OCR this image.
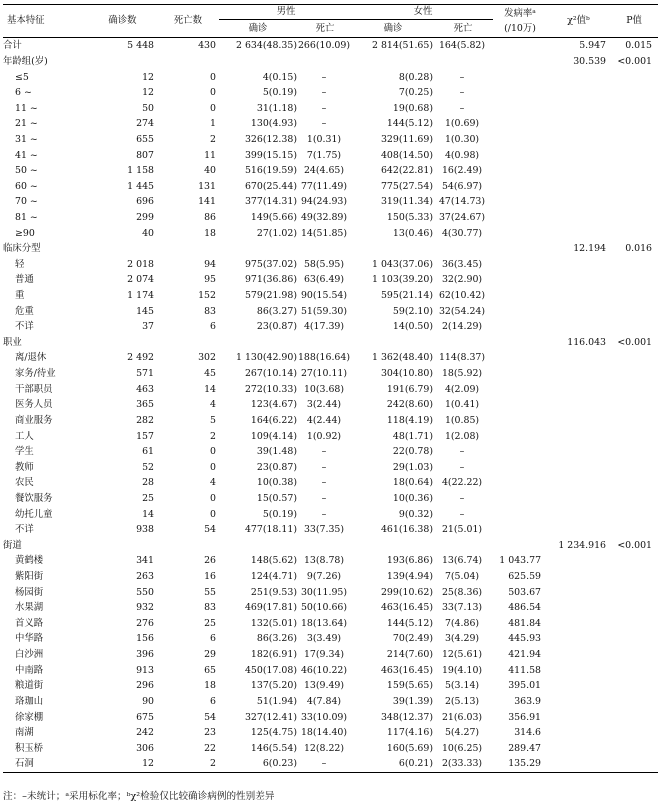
基本特征	确诊数	死亡数	男性		女性		发病率ᵃ
(/10万)	χ²值ᵇ	P值
			确诊	死亡	确诊	死亡			
合计	5 448	430	2 634(48.35)	266(10.09)	2 814(51.65)	164(5.82)		5.947	0.015
年龄组(岁)								30.539	<0.001
≤5	12	0	4(0.15)	–	8(0.28)	–			
6 ~	12	0	5(0.19)	–	7(0.25)	–			
11 ~	50	0	31(1.18)	–	19(0.68)	–			
21 ~	274	1	130(4.93)	–	144(5.12)	1(0.69)			
31 ~	655	2	326(12.38)	1(0.31)	329(11.69)	1(0.30)			
41 ~	807	11	399(15.15)	7(1.75)	408(14.50)	4(0.98)			
50 ~	1 158	40	516(19.59)	24(4.65)	642(22.81)	16(2.49)			
60 ~	1 445	131	670(25.44)	77(11.49)	775(27.54)	54(6.97)			
70 ~	696	141	377(14.31)	94(24.93)	319(11.34)	47(14.73)			
81 ~	299	86	149(5.66)	49(32.89)	150(5.33)	37(24.67)			
≥90	40	18	27(1.02)	14(51.85)	13(0.46)	4(30.77)			
临床分型								12.194	0.016
轻	2 018	94	975(37.02)	58(5.95)	1 043(37.06)	36(3.45)			
普通	2 074	95	971(36.86)	63(6.49)	1 103(39.20)	32(2.90)			
重	1 174	152	579(21.98)	90(15.54)	595(21.14)	62(10.42)			
危重	145	83	86(3.27)	51(59.30)	59(2.10)	32(54.24)			
不详	37	6	23(0.87)	4(17.39)	14(0.50)	2(14.29)			
职业								116.043	<0.001
离/退休	2 492	302	1 130(42.90)	188(16.64)	1 362(48.40)	114(8.37)			
家务/待业	571	45	267(10.14)	27(10.11)	304(10.80)	18(5.92)			
干部职员	463	14	272(10.33)	10(3.68)	191(6.79)	4(2.09)			
医务人员	365	4	123(4.67)	3(2.44)	242(8.60)	1(0.41)			
商业服务	282	5	164(6.22)	4(2.44)	118(4.19)	1(0.85)			
工人	157	2	109(4.14)	1(0.92)	48(1.71)	1(2.08)			
学生	61	0	39(1.48)	–	22(0.78)	–			
教师	52	0	23(0.87)	–	29(1.03)	–			
农民	28	4	10(0.38)	–	18(0.64)	4(22.22)			
餐饮服务	25	0	15(0.57)	–	10(0.36)	–			
幼托儿童	14	0	5(0.19)	–	9(0.32)	–			
不详	938	54	477(18.11)	33(7.35)	461(16.38)	21(5.01)			
街道								1 234.916	<0.001
黄鹤楼	341	26	148(5.62)	13(8.78)	193(6.86)	13(6.74)	1 043.77		
紫阳街	263	16	124(4.71)	9(7.26)	139(4.94)	7(5.04)	625.59		
杨园街	550	55	251(9.53)	30(11.95)	299(10.62)	25(8.36)	503.67		
水果湖	932	83	469(17.81)	50(10.66)	463(16.45)	33(7.13)	486.54		
首义路	276	25	132(5.01)	18(13.64)	144(5.12)	7(4.86)	481.84		
中华路	156	6	86(3.26)	3(3.49)	70(2.49)	3(4.29)	445.93		
白沙洲	396	29	182(6.91)	17(9.34)	214(7.60)	12(5.61)	421.94		
中南路	913	65	450(17.08)	46(10.22)	463(16.45)	19(4.10)	411.58		
粮道街	296	18	137(5.20)	13(9.49)	159(5.65)	5(3.14)	395.01		
珞珈山	90	6	51(1.94)	4(7.84)	39(1.39)	2(5.13)	363.9		
徐家棚	675	54	327(12.41)	33(10.09)	348(12.37)	21(6.03)	356.91		
南湖	242	23	125(4.75)	18(14.40)	117(4.16)	5(4.27)	314.6		
积玉桥	306	22	146(5.54)	12(8.22)	160(5.69)	10(6.25)	289.47		
石洞	12	2	6(0.23)	–	6(0.21)	2(33.33)	135.29		
注：–未统计；ᵃ采用标化率；ᵇχ²检验仅比较确诊病例的性别差异
